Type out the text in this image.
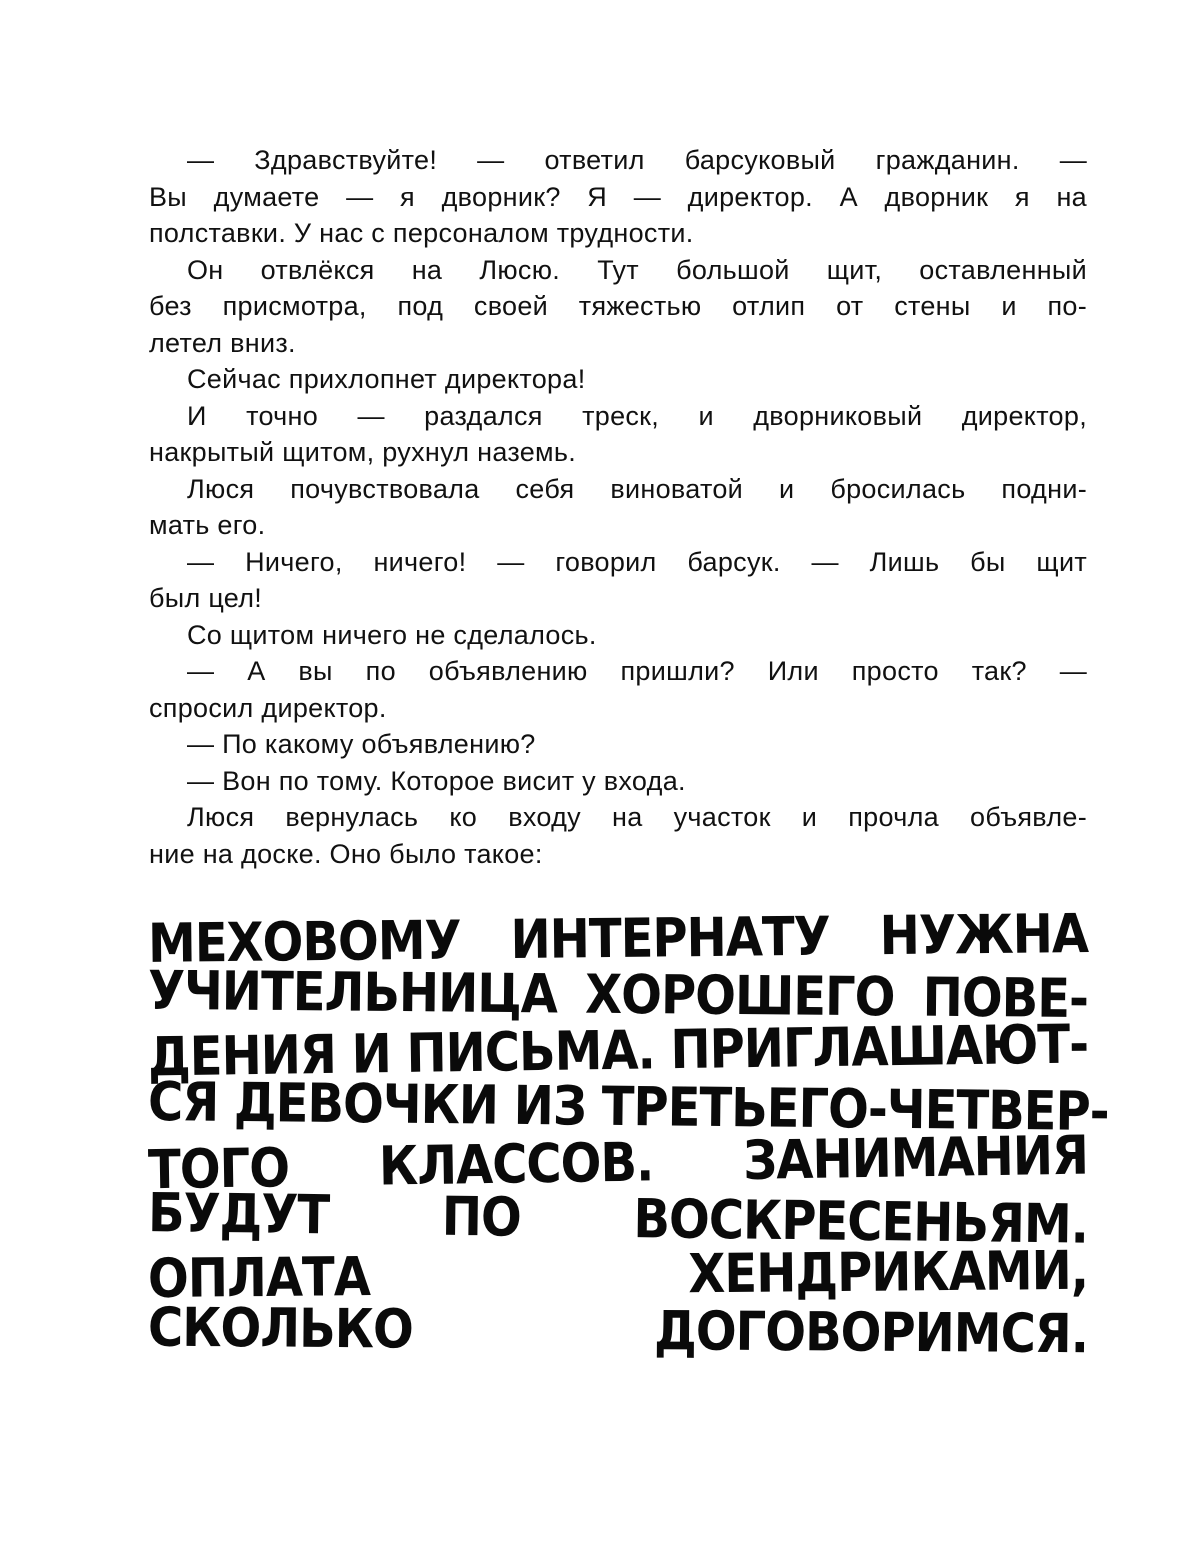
— Здравствуйте! — ответил барсуковый гражданин. —
Вы думаете — я дворник? Я — директор. А дворник я на
полставки. У нас с персоналом трудности.
Он отвлёкся на Люсю. Тут большой щит, оставленный
без присмотра, под своей тяжестью отлип от стены и по-
летел вниз.
Сейчас прихлопнет директора!
И точно — раздался треск, и дворниковый директор,
накрытый щитом, рухнул наземь.
Люся почувствовала себя виноватой и бросилась подни-
мать его.
— Ничего, ничего! — говорил барсук. — Лишь бы щит
был цел!
Со щитом ничего не сделалось.
— А вы по объявлению пришли? Или просто так? —
спросил директор.
— По какому объявлению?
— Вон по тому. Которое висит у входа.
Люся вернулась ко входу на участок и прочла объявле-
ние на доске. Оно было такое:
МЕХОВОМУ ИНТЕРНАТУ НУЖНА
УЧИТЕЛЬНИЦА ХОРОШЕГО ПОВЕ-
ДЕНИЯ И ПИСЬМА. ПРИГЛАШАЮТ-
СЯ ДЕВОЧКИ ИЗ ТРЕТЬЕГО-ЧЕТВЕР-
ТОГО КЛАССОВ. ЗАНИМАНИЯ
БУДУТ ПО ВОСКРЕСЕНЬЯМ.
ОПЛАТА ХЕНДРИКАМИ,
СКОЛЬКО ДОГОВОРИМСЯ.
